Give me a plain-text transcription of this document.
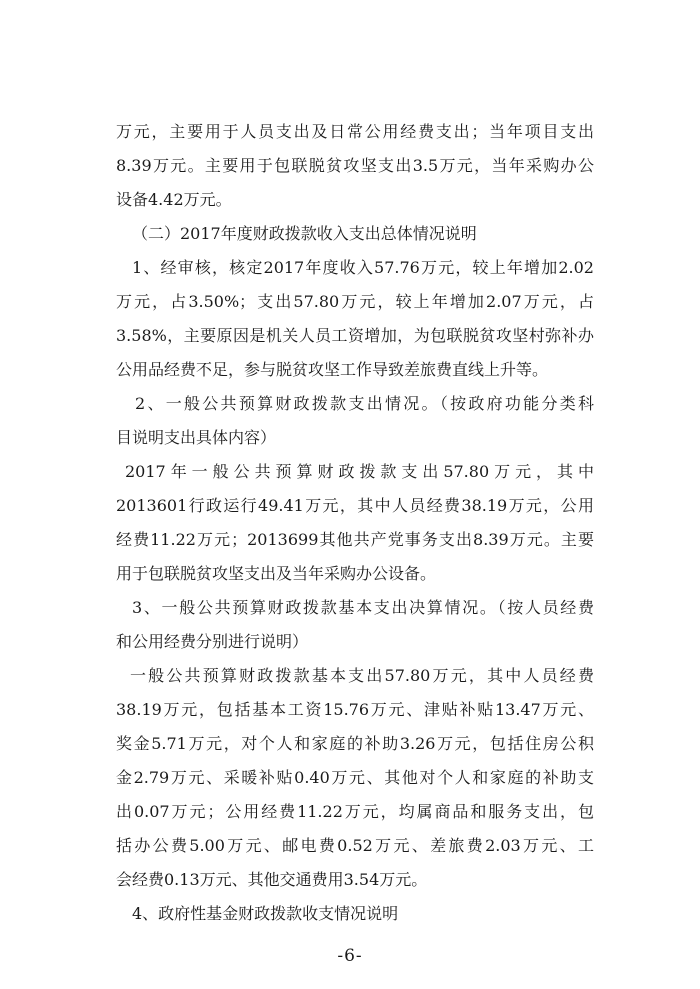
万元，主要用于人员支出及日常公用经费支出；当年项目支出
8.39万元。主要用于包联脱贫攻坚支出3.5万元，当年采购办公
设备4.42万元。
（二）2017年度财政拨款收入支出总体情况说明
1、经审核，核定2017年度收入57.76万元，较上年增加2.02
万元，占3.50%；支出57.80万元，较上年增加2.07万元，占
3.58%，主要原因是机关人员工资增加，为包联脱贫攻坚村弥补办
公用品经费不足，参与脱贫攻坚工作导致差旅费直线上升等。
2、一般公共预算财政拨款支出情况。（按政府功能分类科
目说明支出具体内容）
2017年一般公共预算财政拨款支出57.80万元，其中
2013601行政运行49.41万元，其中人员经费38.19万元，公用
经费11.22万元；2013699其他共产党事务支出8.39万元。主要
用于包联脱贫攻坚支出及当年采购办公设备。
3、一般公共预算财政拨款基本支出决算情况。（按人员经费
和公用经费分别进行说明）
一般公共预算财政拨款基本支出57.80万元，其中人员经费
38.19万元，包括基本工资15.76万元、津贴补贴13.47万元、
奖金5.71万元，对个人和家庭的补助3.26万元，包括住房公积
金2.79万元、采暖补贴0.40万元、其他对个人和家庭的补助支
出0.07万元；公用经费11.22万元，均属商品和服务支出，包
括办公费5.00万元、邮电费0.52万元、差旅费2.03万元、工
会经费0.13万元、其他交通费用3.54万元。
4、政府性基金财政拨款收支情况说明
-6-
